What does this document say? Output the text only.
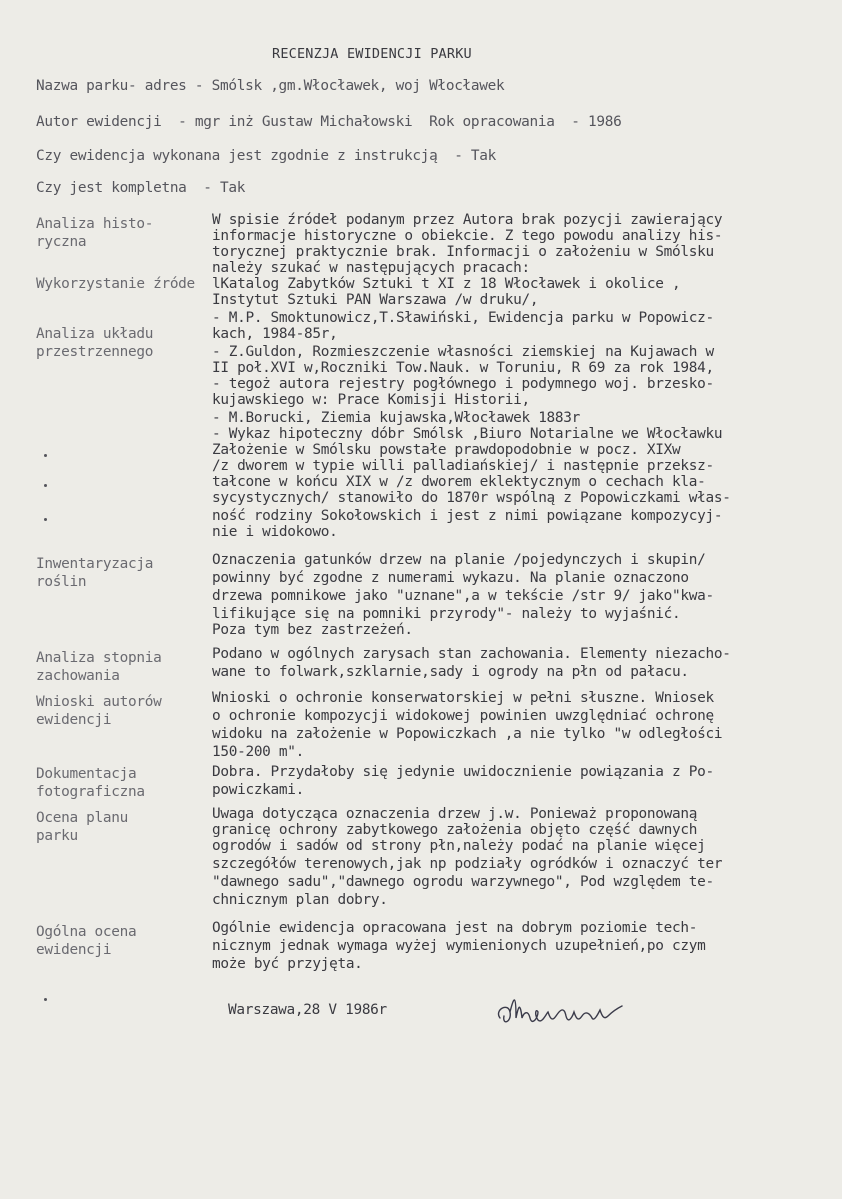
RECENZJA EWIDENCJI PARKU
Nazwa parku- adres - Smólsk ,gm.Włocławek, woj Włocławek
Autor ewidencji  - mgr inż Gustaw Michałowski  Rok opracowania  - 1986
Czy ewidencja wykonana jest zgodnie z instrukcją  - Tak
Czy jest kompletna  - Tak
Analiza histo-
ryczna
Wykorzystanie źróde
Analiza układu
przestrzennego
Inwentaryzacja
roślin
Analiza stopnia
zachowania
Wnioski autorów
ewidencji
Dokumentacja
fotograficzna
Ocena planu
parku
Ogólna ocena
ewidencji
W spisie źródeł podanym przez Autora brak pozycji zawierający
informacje historyczne o obiekcie. Z tego powodu analizy his-
torycznej praktycznie brak. Informacji o założeniu w Smólsku
należy szukać w następujących pracach:
lKatalog Zabytków Sztuki t XI z 18 Włocławek i okolice ,
Instytut Sztuki PAN Warszawa /w druku/,
- M.P. Smoktunowicz,T.Sławiński, Ewidencja parku w Popowicz-
kach, 1984-85r,
- Z.Guldon, Rozmieszczenie własności ziemskiej na Kujawach w
II poł.XVI w,Roczniki Tow.Nauk. w Toruniu, R 69 za rok 1984,
- tegoż autora rejestry pogłównego i podymnego woj. brzesko-
kujawskiego w: Prace Komisji Historii,
- M.Borucki, Ziemia kujawska,Włocławek 1883r
- Wykaz hipoteczny dóbr Smólsk ,Biuro Notarialne we Włocławku
Założenie w Smólsku powstałe prawdopodobnie w pocz. XIXw
/z dworem w typie willi palladiańskiej/ i następnie przeksz-
tałcone w końcu XIX w /z dworem eklektycznym o cechach kla-
sycystycznych/ stanowiło do 1870r wspólną z Popowiczkami włas-
ność rodziny Sokołowskich i jest z nimi powiązane kompozycyj-
nie i widokowo.
Oznaczenia gatunków drzew na planie /pojedynczych i skupin/
powinny być zgodne z numerami wykazu. Na planie oznaczono
drzewa pomnikowe jako "uznane",a w tekście /str 9/ jako"kwa-
lifikujące się na pomniki przyrody"- należy to wyjaśnić.
Poza tym bez zastrzeżeń.
Podano w ogólnych zarysach stan zachowania. Elementy niezacho-
wane to folwark,szklarnie,sady i ogrody na płn od pałacu.
Wnioski o ochronie konserwatorskiej w pełni słuszne. Wniosek
o ochronie kompozycji widokowej powinien uwzględniać ochronę
widoku na założenie w Popowiczkach ,a nie tylko "w odległości
150-200 m".
Dobra. Przydałoby się jedynie uwidocznienie powiązania z Po-
powiczkami.
Uwaga dotycząca oznaczenia drzew j.w. Ponieważ proponowaną
granicę ochrony zabytkowego założenia objęto część dawnych
ogrodów i sadów od strony płn,należy podać na planie więcej
szczegółów terenowych,jak np podziały ogródków i oznaczyć ter
"dawnego sadu","dawnego ogrodu warzywnego", Pod względem te-
chnicznym plan dobry.
Ogólnie ewidencja opracowana jest na dobrym poziomie tech-
nicznym jednak wymaga wyżej wymienionych uzupełnień,po czym
może być przyjęta.
Warszawa,28 V 1986r
